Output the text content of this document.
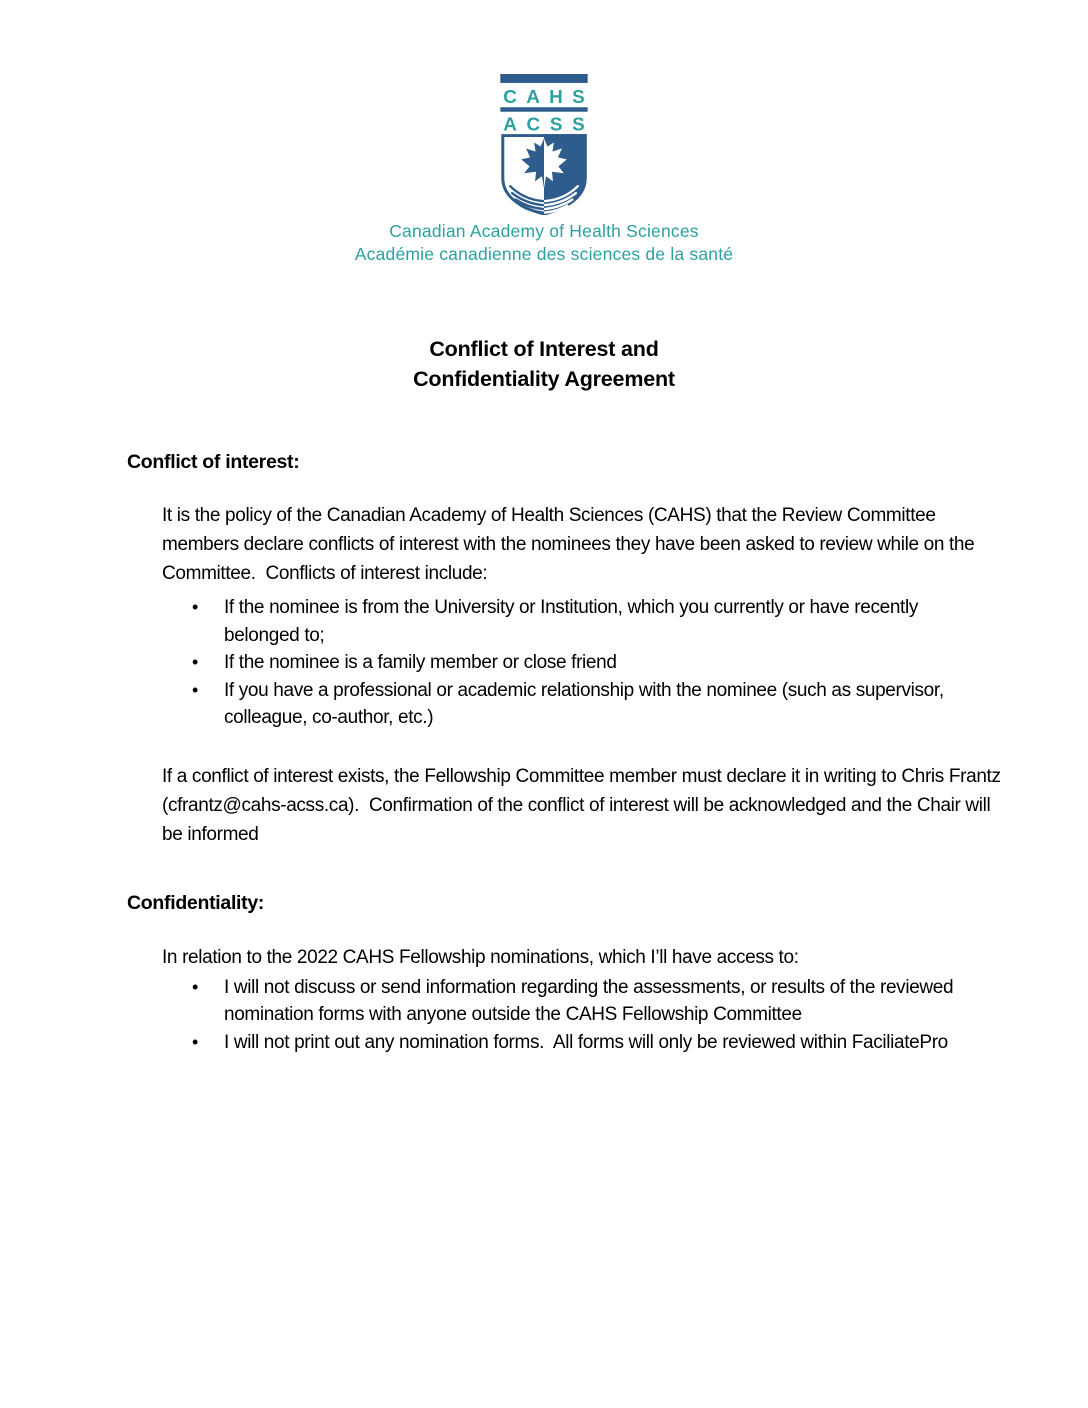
CAHS
ACSS
Canadian Academy of Health Sciences
Académie canadienne des sciences de la santé
Conflict of Interest and
Confidentiality Agreement
Conflict of interest:

It is the policy of the Canadian Academy of Health Sciences (CAHS) that the Review Committee members declare conflicts of interest with the nominees they have been asked to review while on the Committee.  Conflicts of interest include:

• If the nominee is from the University or Institution, which you currently or have recently belonged to;
• If the nominee is a family member or close friend
• If you have a professional or academic relationship with the nominee (such as supervisor, colleague, co-author, etc.)

If a conflict of interest exists, the Fellowship Committee member must declare it in writing to Chris Frantz (cfrantz@cahs-acss.ca).  Confirmation of the conflict of interest will be acknowledged and the Chair will be informed

Confidentiality:

In relation to the 2022 CAHS Fellowship nominations, which I’ll have access to:

• I will not discuss or send information regarding the assessments, or results of the reviewed nomination forms with anyone outside the CAHS Fellowship Committee
• I will not print out any nomination forms.  All forms will only be reviewed within FaciliatePro
